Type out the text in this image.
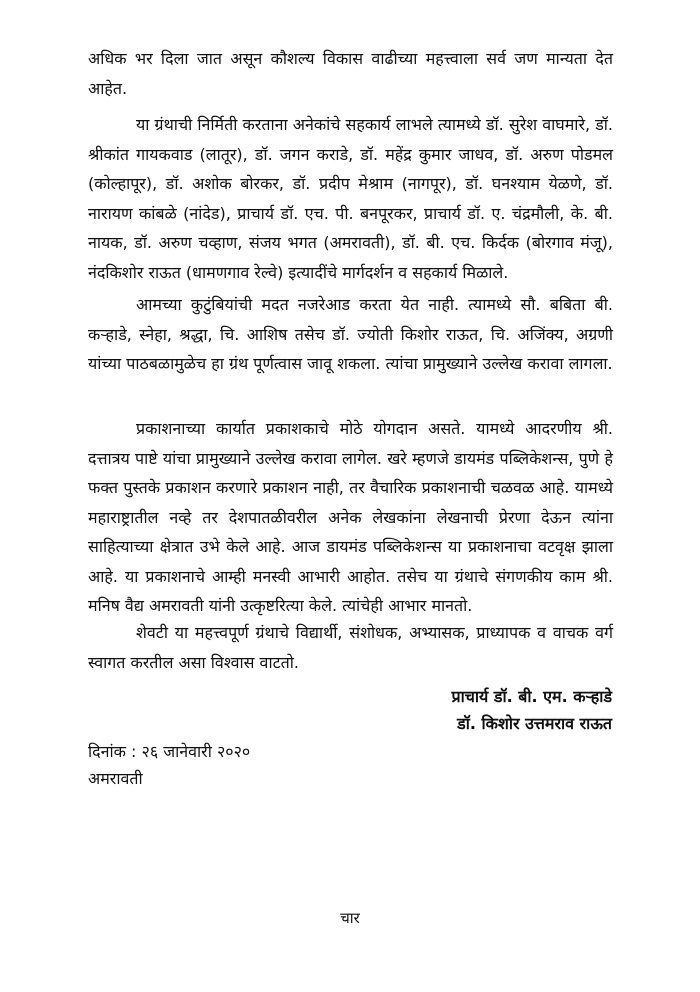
अधिक भर दिला जात असून कौशल्य विकास वाढीच्या महत्त्वाला सर्व जण मान्यता देत आहेत.

या ग्रंथाची निर्मिती करताना अनेकांचे सहकार्य लाभले त्यामध्ये डॉ. सुरेश वाघमारे, डॉ. श्रीकांत गायकवाड (लातूर), डॉ. जगन कराडे, डॉ. महेंद्र कुमार जाधव, डॉ. अरुण पोडमल (कोल्हापूर), डॉ. अशोक बोरकर, डॉ. प्रदीप मेश्राम (नागपूर), डॉ. घनश्याम येळणे, डॉ. नारायण कांबळे (नांदेड), प्राचार्य डॉ. एच. पी. बनपूरकर, प्राचार्य डॉ. ए. चंद्रमौली, के. बी. नायक, डॉ. अरुण चव्हाण, संजय भगत (अमरावती), डॉ. बी. एच. किर्दक (बोरगाव मंजू), नंदकिशोर राऊत (धामणगाव रेल्वे) इत्यादींचे मार्गदर्शन व सहकार्य मिळाले.

आमच्या कुटुंबियांची मदत नजरेआड करता येत नाही. त्यामध्ये सौ. बबिता बी. कऱ्हाडे, स्नेहा, श्रद्धा, चि. आशिष तसेच डॉ. ज्योती किशोर राऊत, चि. अजिंक्य, अग्रणी यांच्या पाठबळामुळेच हा ग्रंथ पूर्णत्वास जावू शकला. त्यांचा प्रामुख्याने उल्लेख करावा लागला.

प्रकाशनाच्या कार्यात प्रकाशकाचे मोठे योगदान असते. यामध्ये आदरणीय श्री. दत्तात्रय पाष्टे यांचा प्रामुख्याने उल्लेख करावा लागेल. खरे म्हणजे डायमंड पब्लिकेशन्स, पुणे हे फक्त पुस्तके प्रकाशन करणारे प्रकाशन नाही, तर वैचारिक प्रकाशनाची चळवळ आहे. यामध्ये महाराष्ट्रातील नव्हे तर देशपातळीवरील अनेक लेखकांना लेखनाची प्रेरणा देऊन त्यांना साहित्याच्या क्षेत्रात उभे केले आहे. आज डायमंड पब्लिकेशन्स या प्रकाशनाचा वटवृक्ष झाला आहे. या प्रकाशनाचे आम्ही मनस्वी आभारी आहोत. तसेच या ग्रंथाचे संगणकीय काम श्री. मनिष वैद्य अमरावती यांनी उत्कृष्टरित्या केले. त्यांचेही आभार मानतो.

शेवटी या महत्त्वपूर्ण ग्रंथाचे विद्यार्थी, संशोधक, अभ्यासक, प्राध्यापक व वाचक वर्ग स्वागत करतील असा विश्वास वाटतो.

प्राचार्य डॉ. बी. एम. कऱ्हाडे
डॉ. किशोर उत्तमराव राऊत
दिनांक : २६ जानेवारी २०२०
अमरावती
चार
